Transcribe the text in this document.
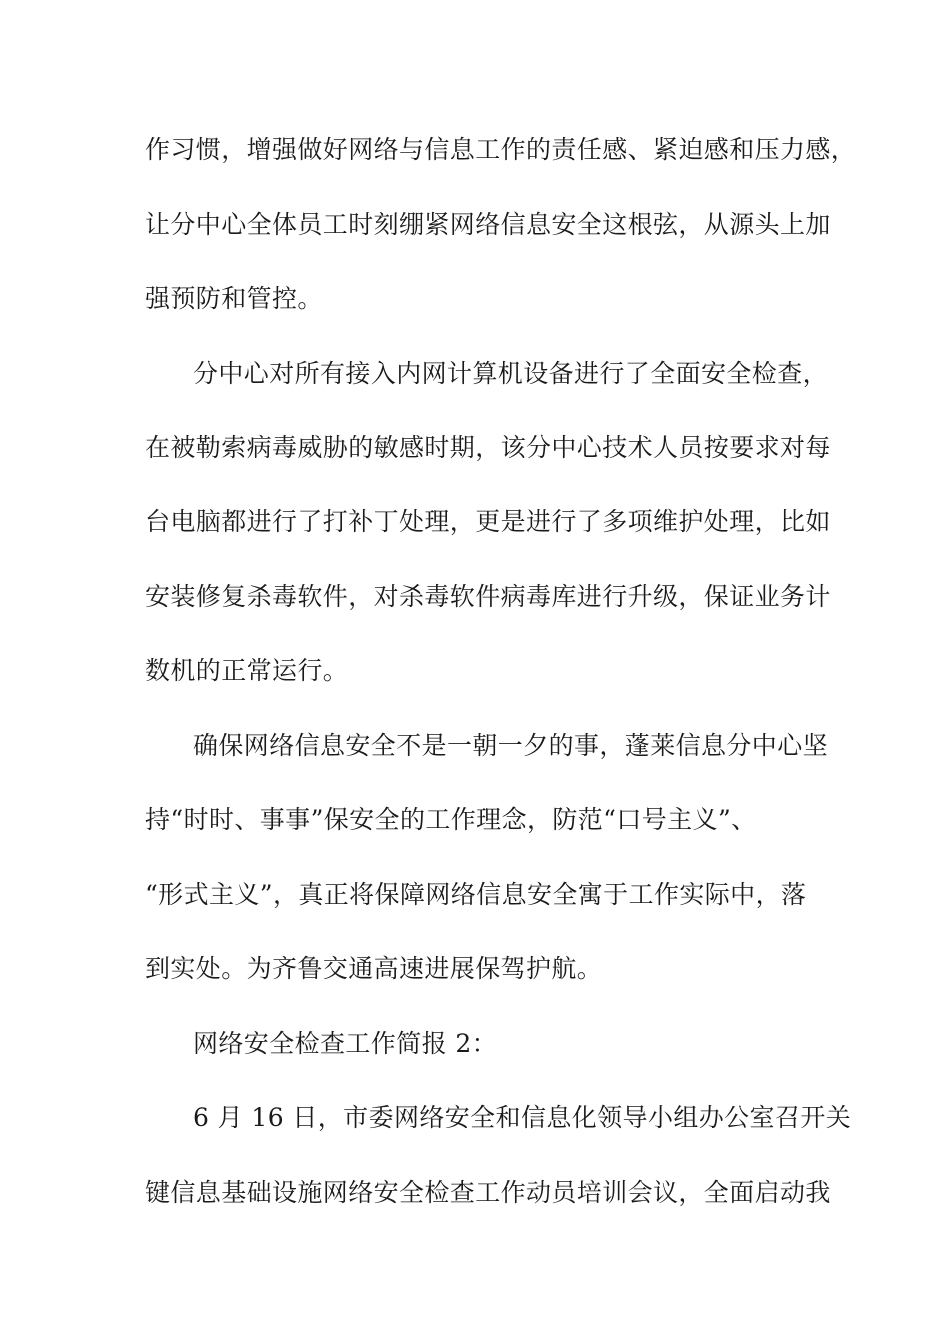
作习惯，增强做好网络与信息工作的责任感、紧迫感和压力感，
让分中心全体员工时刻绷紧网络信息安全这根弦，从源头上加
强预防和管控。
分中心对所有接入内网计算机设备进行了全面安全检查，
在被勒索病毒威胁的敏感时期，该分中心技术人员按要求对每
台电脑都进行了打补丁处理，更是进行了多项维护处理，比如
安装修复杀毒软件，对杀毒软件病毒库进行升级，保证业务计
数机的正常运行。
确保网络信息安全不是一朝一夕的事，蓬莱信息分中心坚
持“时时、事事”保安全的工作理念，防范“口号主义”、
“形式主义”，真正将保障网络信息安全寓于工作实际中，落
到实处。为齐鲁交通高速进展保驾护航。
网络安全检查工作简报 2：
6 月 16 日，市委网络安全和信息化领导小组办公室召开关
键信息基础设施网络安全检查工作动员培训会议，全面启动我
